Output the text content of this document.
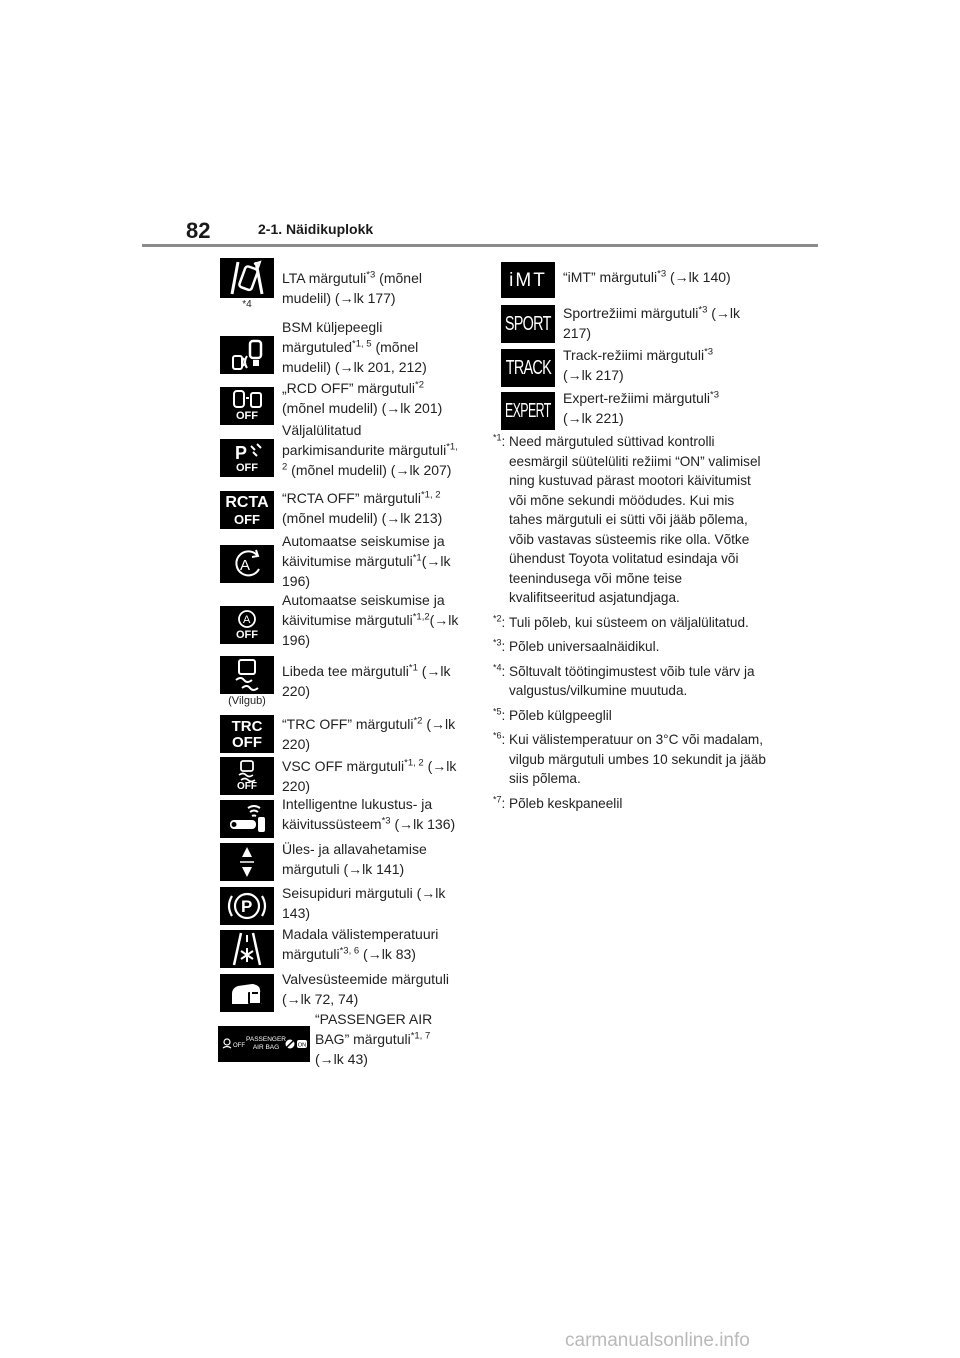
82	2-1. Näidikuplokk
*4
LTA märgutuli$^{*3}$ (mõnel
mudelil) (→lk 177)
BSM küljepeegli
märgutuled$^{*1, 5}$ (mõnel
mudelil) (→lk 201, 212)
OFF
„RCD OFF” märgutuli$^{*2}$
(mõnel mudelil) (→lk 201)
P
OFF
Väljalülitatud
parkimisandurite märgutuli$^{*1,}$
$^2$ (mõnel mudelil) (→lk 207)
RCTA
OFF
“RCTA OFF” märgutuli$^{*1, 2}$
(mõnel mudelil) (→lk 213)
A
Automaatse seiskumise ja
käivitumise märgutuli$^{*1}$(→lk
196)
A
OFF
Automaatse seiskumise ja
käivitumise märgutuli$^{*1,2}$(→lk
196)
(Vilgub)
Libeda tee märgutuli$^{*1}$ (→lk
220)
TRC
OFF
“TRC OFF” märgutuli$^{*2}$ (→lk
220)
OFF
VSC OFF märgutuli$^{*1, 2}$ (→lk
220)
Intelligentne lukustus- ja
käivitussüsteem$^{*3}$ (→lk 136)
Üles- ja allavahetamise
märgutuli (→lk 141)
P
Seisupiduri märgutuli (→lk
143)
Madala välistemperatuuri
märgutuli$^{*3, 6}$ (→lk 83)
Valvesüsteemide märgutuli
(→lk 72, 74)
OFF
PASSENGER
AIR BAG	ON
“PASSENGER AIR
BAG” märgutuli$^{*1, 7}$
(→lk 43)
iMT “iMT” märgutuli$^{*3}$ (→lk 140)
SPORT Sportrežiimi märgutuli$^{*3}$ (→lk
217)
TRACK
Track-režiimi märgutuli$^{*3}$
(→lk 217)
EXPERT
Expert-režiimi märgutuli$^{*3}$
(→lk 221)
$^{*1}$: Need märgutuled süttivad kontrolli eesmärgil süütelüliti režiimi “ON” valimisel ning kustuvad pärast mootori käivitumist või mõne sekundi möödudes. Kui mis tahes märgutuli ei sütti või jääb põlema, võib vastavas süsteemis rike olla. Võtke ühendust Toyota volitatud esindaja või teenindusega või mõne teise kvalifitseeritud asjatundjaga.
$^{*2}$: Tuli põleb, kui süsteem on väljalülitatud.
$^{*3}$: Põleb universaalnäidikul.
$^{*4}$: Sõltuvalt töötingimustest võib tule värv ja valgustus/vilkumine muutuda.
$^{*5}$: Põleb külgpeeglil
$^{*6}$: Kui välistemperatuur on 3°C või madalam, vilgub märgutuli umbes 10 sekundit ja jääb siis põlema.
$^{*7}$: Põleb keskpaneelil
carmanualsonline.info
